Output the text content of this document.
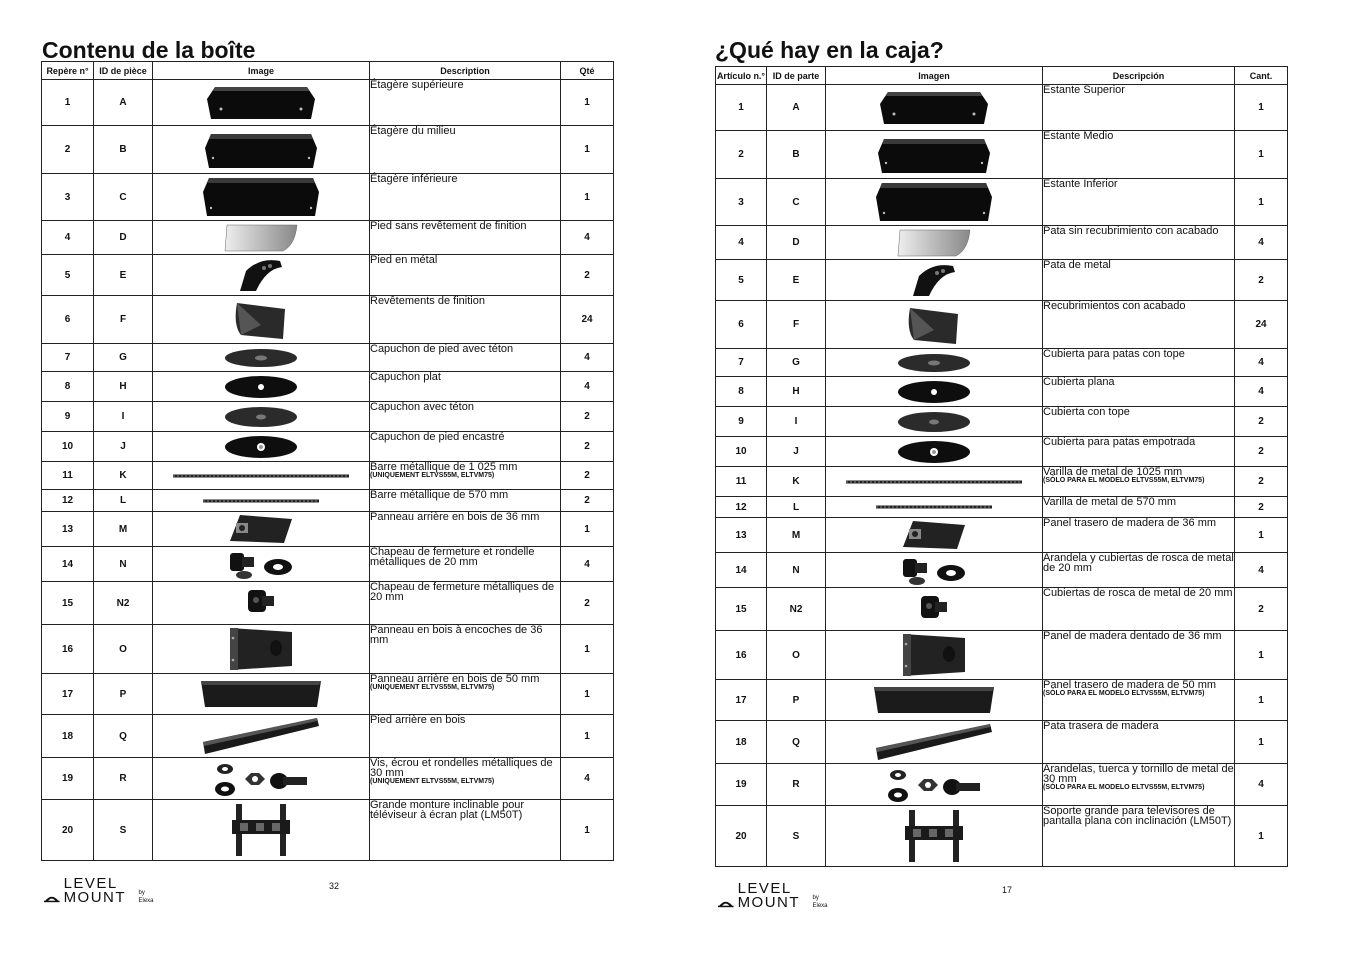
Contenu de la boîte
Repère n°	ID de pièce	Image	Description	Qté
1	A		Étagère supérieure	1
2	B		Étagère du milieu	1
3	C		Étagère inférieure	1
4	D		Pied sans revêtement de finition	4
5	E		Pied en métal	2
6	F		Revêtements de finition	24
7	G		Capuchon de pied avec téton	4
8	H		Capuchon plat	4
9	I		Capuchon avec téton	2
10	J		Capuchon de pied encastré	2
11	K		Barre métallique de 1 025 mm
(UNIQUEMENT ELTVS55M, ELTVM75)	2
12	L		Barre métallique de 570 mm	2
13	M		Panneau arrière en bois de 36 mm	1
14	N		Chapeau de fermeture et rondelle métalliques de 20 mm	4
15	N2		Chapeau de fermeture métalliques de 20 mm	2
16	O		Panneau en bois à encoches de 36 mm	1
17	P		Panneau arrière en bois de 50 mm
(UNIQUEMENT ELTVS55M, ELTVM75)	1
18	Q		Pied arrière en bois	1
19	R		Vis, écrou et rondelles métalliques de 30 mm
(UNIQUEMENT ELTVS55M, ELTVM75)	4
20	S		Grande monture inclinable pour téléviseur à écran plat (LM50T)	1
LEVEL MOUNT	by Elexa
32
¿Qué hay en la caja?
Artículo n.°	ID de parte	Imagen	Descripción	Cant.
1	A		Estante Superior	1
2	B		Estante Medio	1
3	C		Estante Inferior	1
4	D		Pata sin recubrimiento con acabado	4
5	E		Pata de metal	2
6	F		Recubrimientos con acabado	24
7	G		Cubierta para patas con tope	4
8	H		Cubierta plana	4
9	I		Cubierta con tope	2
10	J		Cubierta para patas empotrada	2
11	K		Varilla de metal de 1025 mm
(SÓLO PARA EL MODELO ELTVS55M, ELTVM75)	2
12	L		Varilla de metal de 570 mm	2
13	M		Panel trasero de madera de 36 mm	1
14	N		Arandela y cubiertas de rosca de metal de 20 mm	4
15	N2		Cubiertas de rosca de metal de 20 mm	2
16	O		Panel de madera dentado de 36 mm	1
17	P		Panel trasero de madera de 50 mm
(SÓLO PARA EL MODELO ELTVS55M, ELTVM75)	1
18	Q		Pata trasera de madera	1
19	R		Arandelas, tuerca y tornillo de metal de 30 mm
(SÓLO PARA EL MODELO ELTVS55M, ELTVM75)	4
20	S		Soporte grande para televisores de pantalla plana con inclinación (LM50T)	1
LEVEL MOUNT	by Elexa
17
